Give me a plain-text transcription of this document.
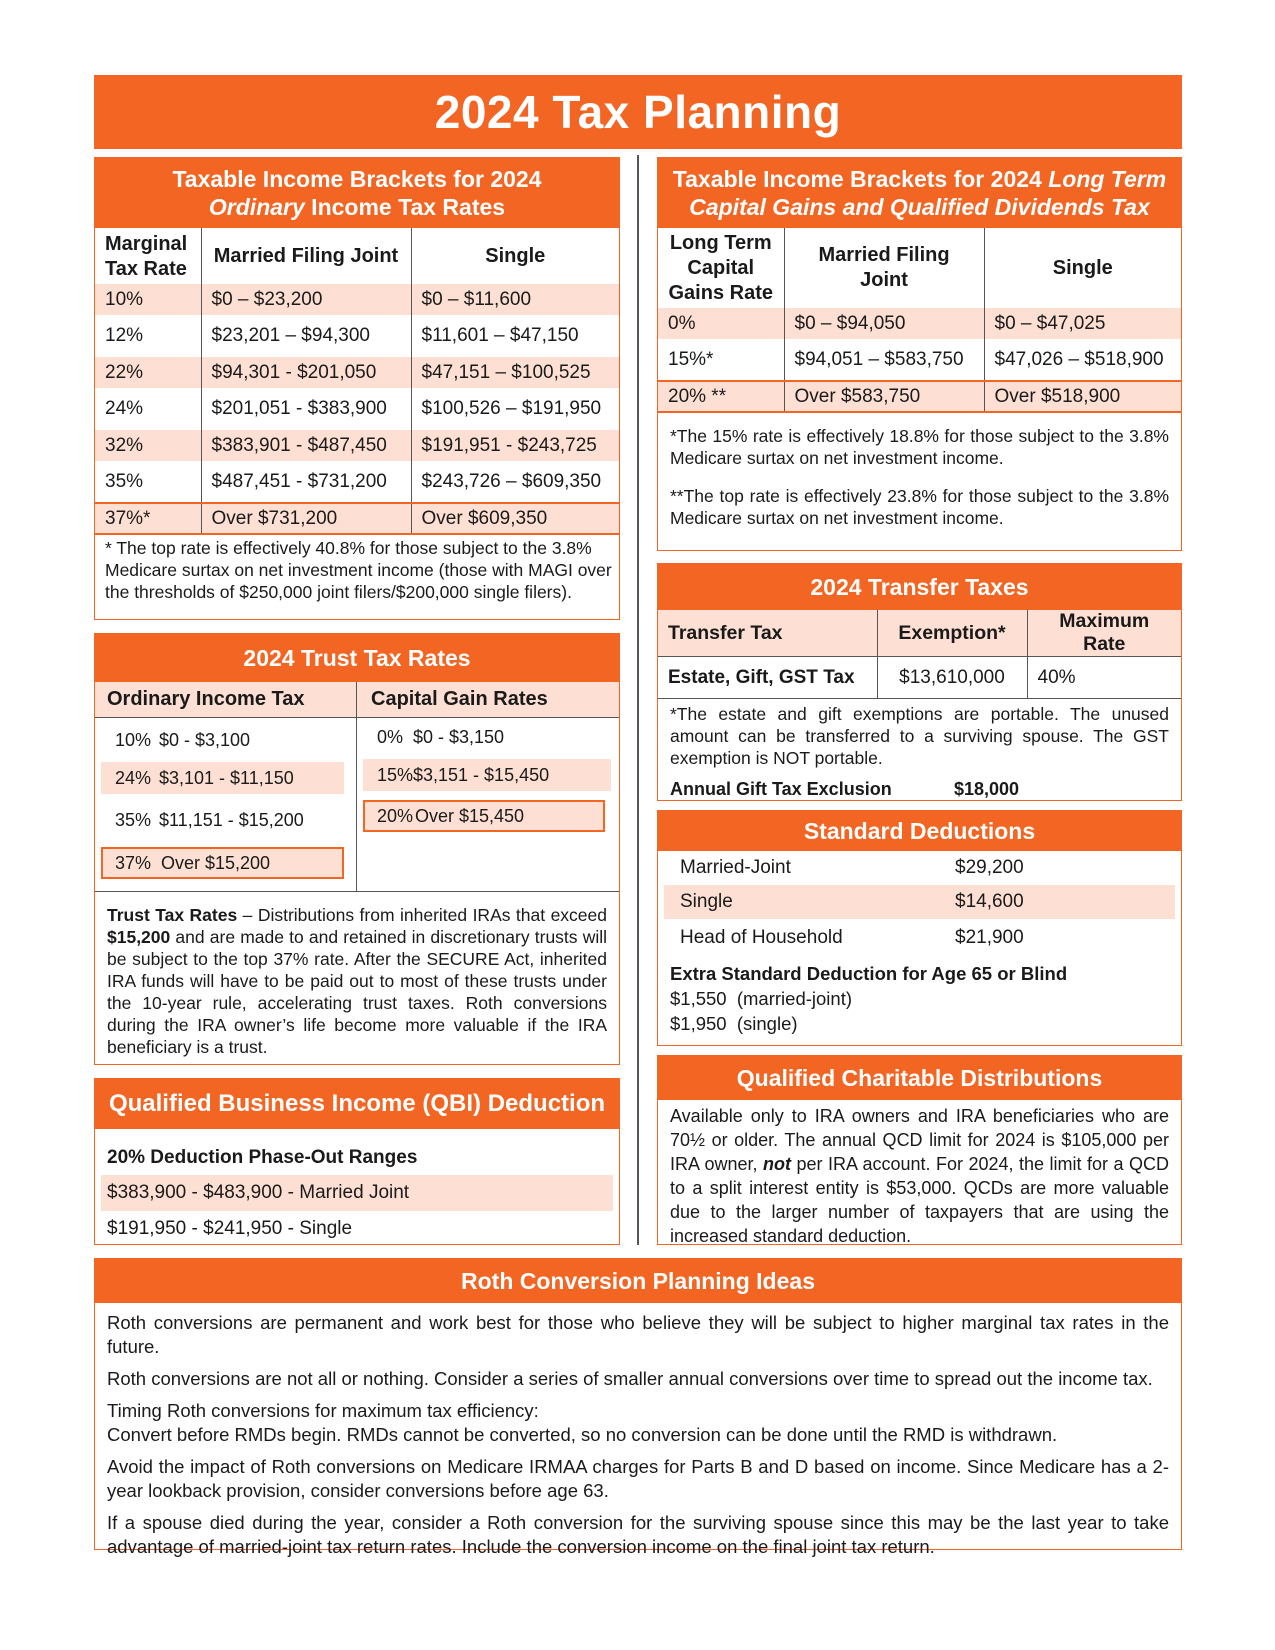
2024 Tax Planning
Taxable Income Brackets for 2024
Ordinary Income Tax Rates
Marginal Tax Rate	Married Filing Joint	Single
10%	$0 – $23,200	$0 – $11,600
12%	$23,201 – $94,300	$11,601 – $47,150
22%	$94,301 - $201,050	$47,151 – $100,525
24%	$201,051 - $383,900	$100,526 – $191,950
32%	$383,901 - $487,450	$191,951 - $243,725
35%	$487,451 - $731,200	$243,726 – $609,350
37%*	Over $731,200	Over $609,350

* The top rate is effectively 40.8% for those subject to the 3.8% Medicare surtax on net investment income (those with MAGI over the thresholds of $250,000 joint filers/$200,000 single filers).

2024 Trust Tax Rates
Ordinary Income Tax
10% $0 - $3,100
24% $3,101 - $11,150
35% $11,151 - $15,200
37% Over $15,200
Capital Gain Rates
0% $0 - $3,150
15% $3,151 - $15,450
20% Over $15,450

Trust Tax Rates – Distributions from inherited IRAs that exceed $15,200 and are made to and retained in discretionary trusts will be subject to the top 37% rate. After the SECURE Act, inherited IRA funds will have to be paid out to most of these trusts under the 10-year rule, accelerating trust taxes. Roth conversions during the IRA owner’s life become more valuable if the IRA beneficiary is a trust.

Qualified Business Income (QBI) Deduction
20% Deduction Phase-Out Ranges
$383,900 - $483,900 - Married Joint
$191,950 - $241,950 - Single
Taxable Income Brackets for 2024 Long Term
Capital Gains and Qualified Dividends Tax
Long Term Capital Gains Rate	Married Filing Joint	Single
0%	$0 – $94,050	$0 – $47,025
15%*	$94,051 – $583,750	$47,026 – $518,900
20% **	Over $583,750	Over $518,900

*The 15% rate is effectively 18.8% for those subject to the 3.8% Medicare surtax on net investment income.

**The top rate is effectively 23.8% for those subject to the 3.8% Medicare surtax on net investment income.

2024 Transfer Taxes
Transfer Tax	Exemption*	Maximum Rate
Estate, Gift, GST Tax	$13,610,000	40%

*The estate and gift exemptions are portable. The unused amount can be transferred to a surviving spouse. The GST exemption is NOT portable.

Annual Gift Tax Exclusion	$18,000
Standard Deductions
Married-Joint	$29,200
Single	$14,600
Head of Household	$21,900
Extra Standard Deduction for Age 65 or Blind
$1,550  (married-joint)
$1,950  (single)
Qualified Charitable Distributions

Available only to IRA owners and IRA beneficiaries who are 70½ or older. The annual QCD limit for 2024 is $105,000 per IRA owner, not per IRA account. For 2024, the limit for a QCD to a split interest entity is $53,000. QCDs are more valuable due to the larger number of taxpayers that are using the increased standard deduction.

Roth Conversion Planning Ideas

Roth conversions are permanent and work best for those who believe they will be subject to higher marginal tax rates in the future.

Roth conversions are not all or nothing. Consider a series of smaller annual conversions over time to spread out the income tax.

Timing Roth conversions for maximum tax efficiency:

Convert before RMDs begin. RMDs cannot be converted, so no conversion can be done until the RMD is withdrawn.

Avoid the impact of Roth conversions on Medicare IRMAA charges for Parts B and D based on income. Since Medicare has a 2-year lookback provision, consider conversions before age 63.

If a spouse died during the year, consider a Roth conversion for the surviving spouse since this may be the last year to take advantage of married-joint tax return rates. Include the conversion income on the final joint tax return.
